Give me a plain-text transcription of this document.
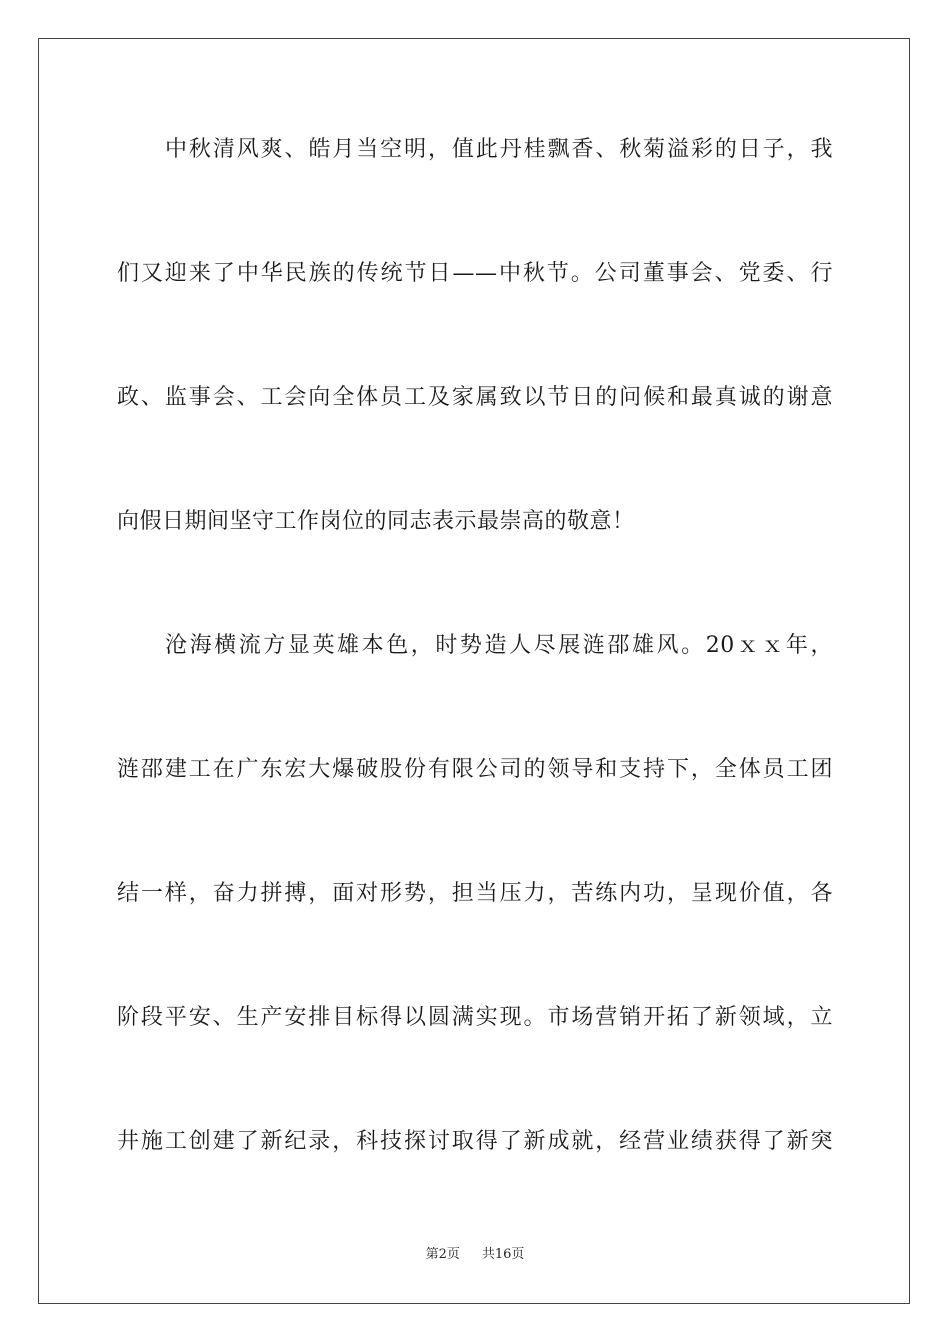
中秋清风爽、皓月当空明，值此丹桂飘香、秋菊溢彩的日子，我
们又迎来了中华民族的传统节日——中秋节。公司董事会、党委、行
政、监事会、工会向全体员工及家属致以节日的问候和最真诚的谢意
向假日期间坚守工作岗位的同志表示最崇高的敬意！
沧海横流方显英雄本色，时势造人尽展涟邵雄风。20ｘｘ年，
涟邵建工在广东宏大爆破股份有限公司的领导和支持下，全体员工团
结一样，奋力拼搏，面对形势，担当压力，苦练内功，呈现价值，各
阶段平安、生产安排目标得以圆满实现。市场营销开拓了新领域，立
井施工创建了新纪录，科技探讨取得了新成就，经营业绩获得了新突
第2页 共16页
